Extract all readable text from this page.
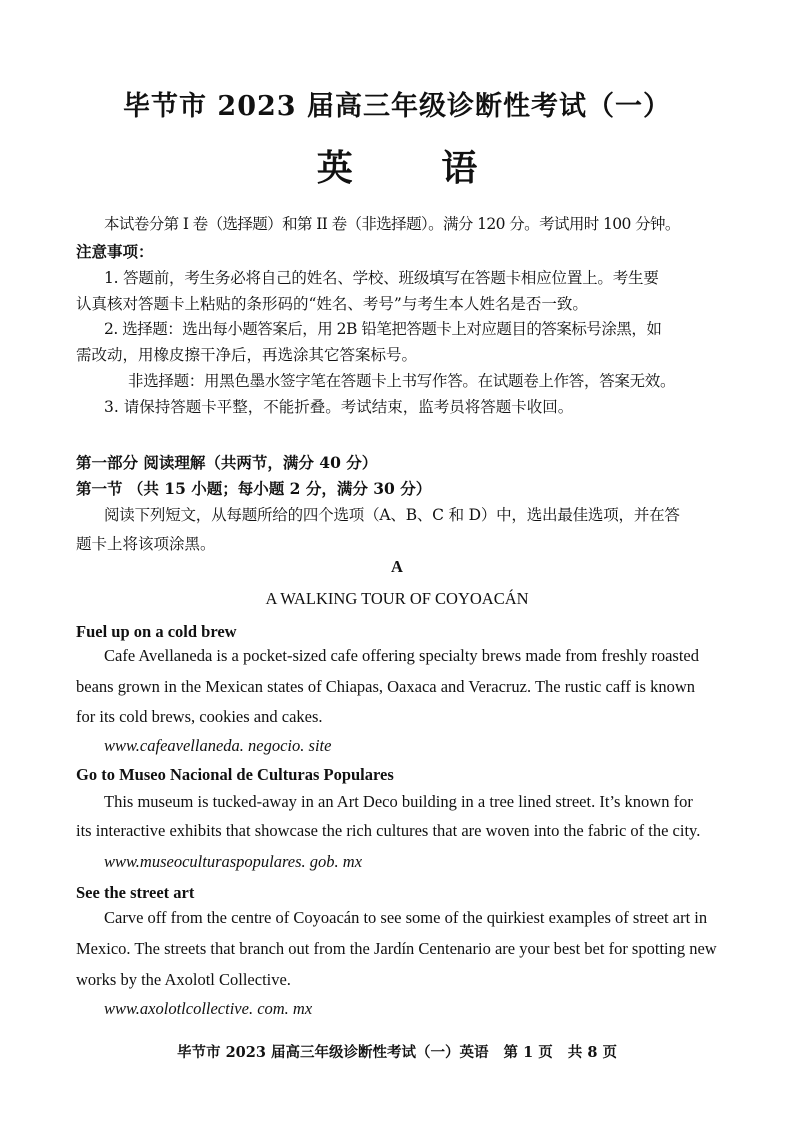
毕节市 2023 届高三年级诊断性考试（一）
英 语
本试卷分第 I 卷（选择题）和第 II 卷（非选择题）。满分 120 分。考试用时 100 分钟。
注意事项：
1. 答题前，考生务必将自己的姓名、学校、班级填写在答题卡相应位置上。考生要
认真核对答题卡上粘贴的条形码的“姓名、考号”与考生本人姓名是否一致。
2. 选择题：选出每小题答案后，用 2B 铅笔把答题卡上对应题目的答案标号涂黑，如
需改动，用橡皮擦干净后，再选涂其它答案标号。
非选择题：用黑色墨水签字笔在答题卡上书写作答。在试题卷上作答，答案无效。
3. 请保持答题卡平整，不能折叠。考试结束，监考员将答题卡收回。
第一部分 阅读理解（共两节，满分 40 分）
第一节 （共 15 小题；每小题 2 分，满分 30 分）
阅读下列短文，从每题所给的四个选项（A、B、C 和 D）中，选出最佳选项，并在答
题卡上将该项涂黑。
A
A WALKING TOUR OF COYOACÁN
Fuel up on a cold brew
Cafe Avellaneda is a pocket-sized cafe offering specialty brews made from freshly roasted
beans grown in the Mexican states of Chiapas, Oaxaca and Veracruz. The rustic caff is known
for its cold brews, cookies and cakes.
www.cafeavellaneda. negocio. site
Go to Museo Nacional de Culturas Populares
This museum is tucked-away in an Art Deco building in a tree lined street. It’s known for
its interactive exhibits that showcase the rich cultures that are woven into the fabric of the city.
www.museoculturaspopulares. gob. mx
See the street art
Carve off from the centre of Coyoacán to see some of the quirkiest examples of street art in
Mexico. The streets that branch out from the Jardín Centenario are your best bet for spotting new
works by the Axolotl Collective.
www.axolotlcollective. com. mx
毕节市 2023 届高三年级诊断性考试（一）英语 第 1 页 共 8 页
